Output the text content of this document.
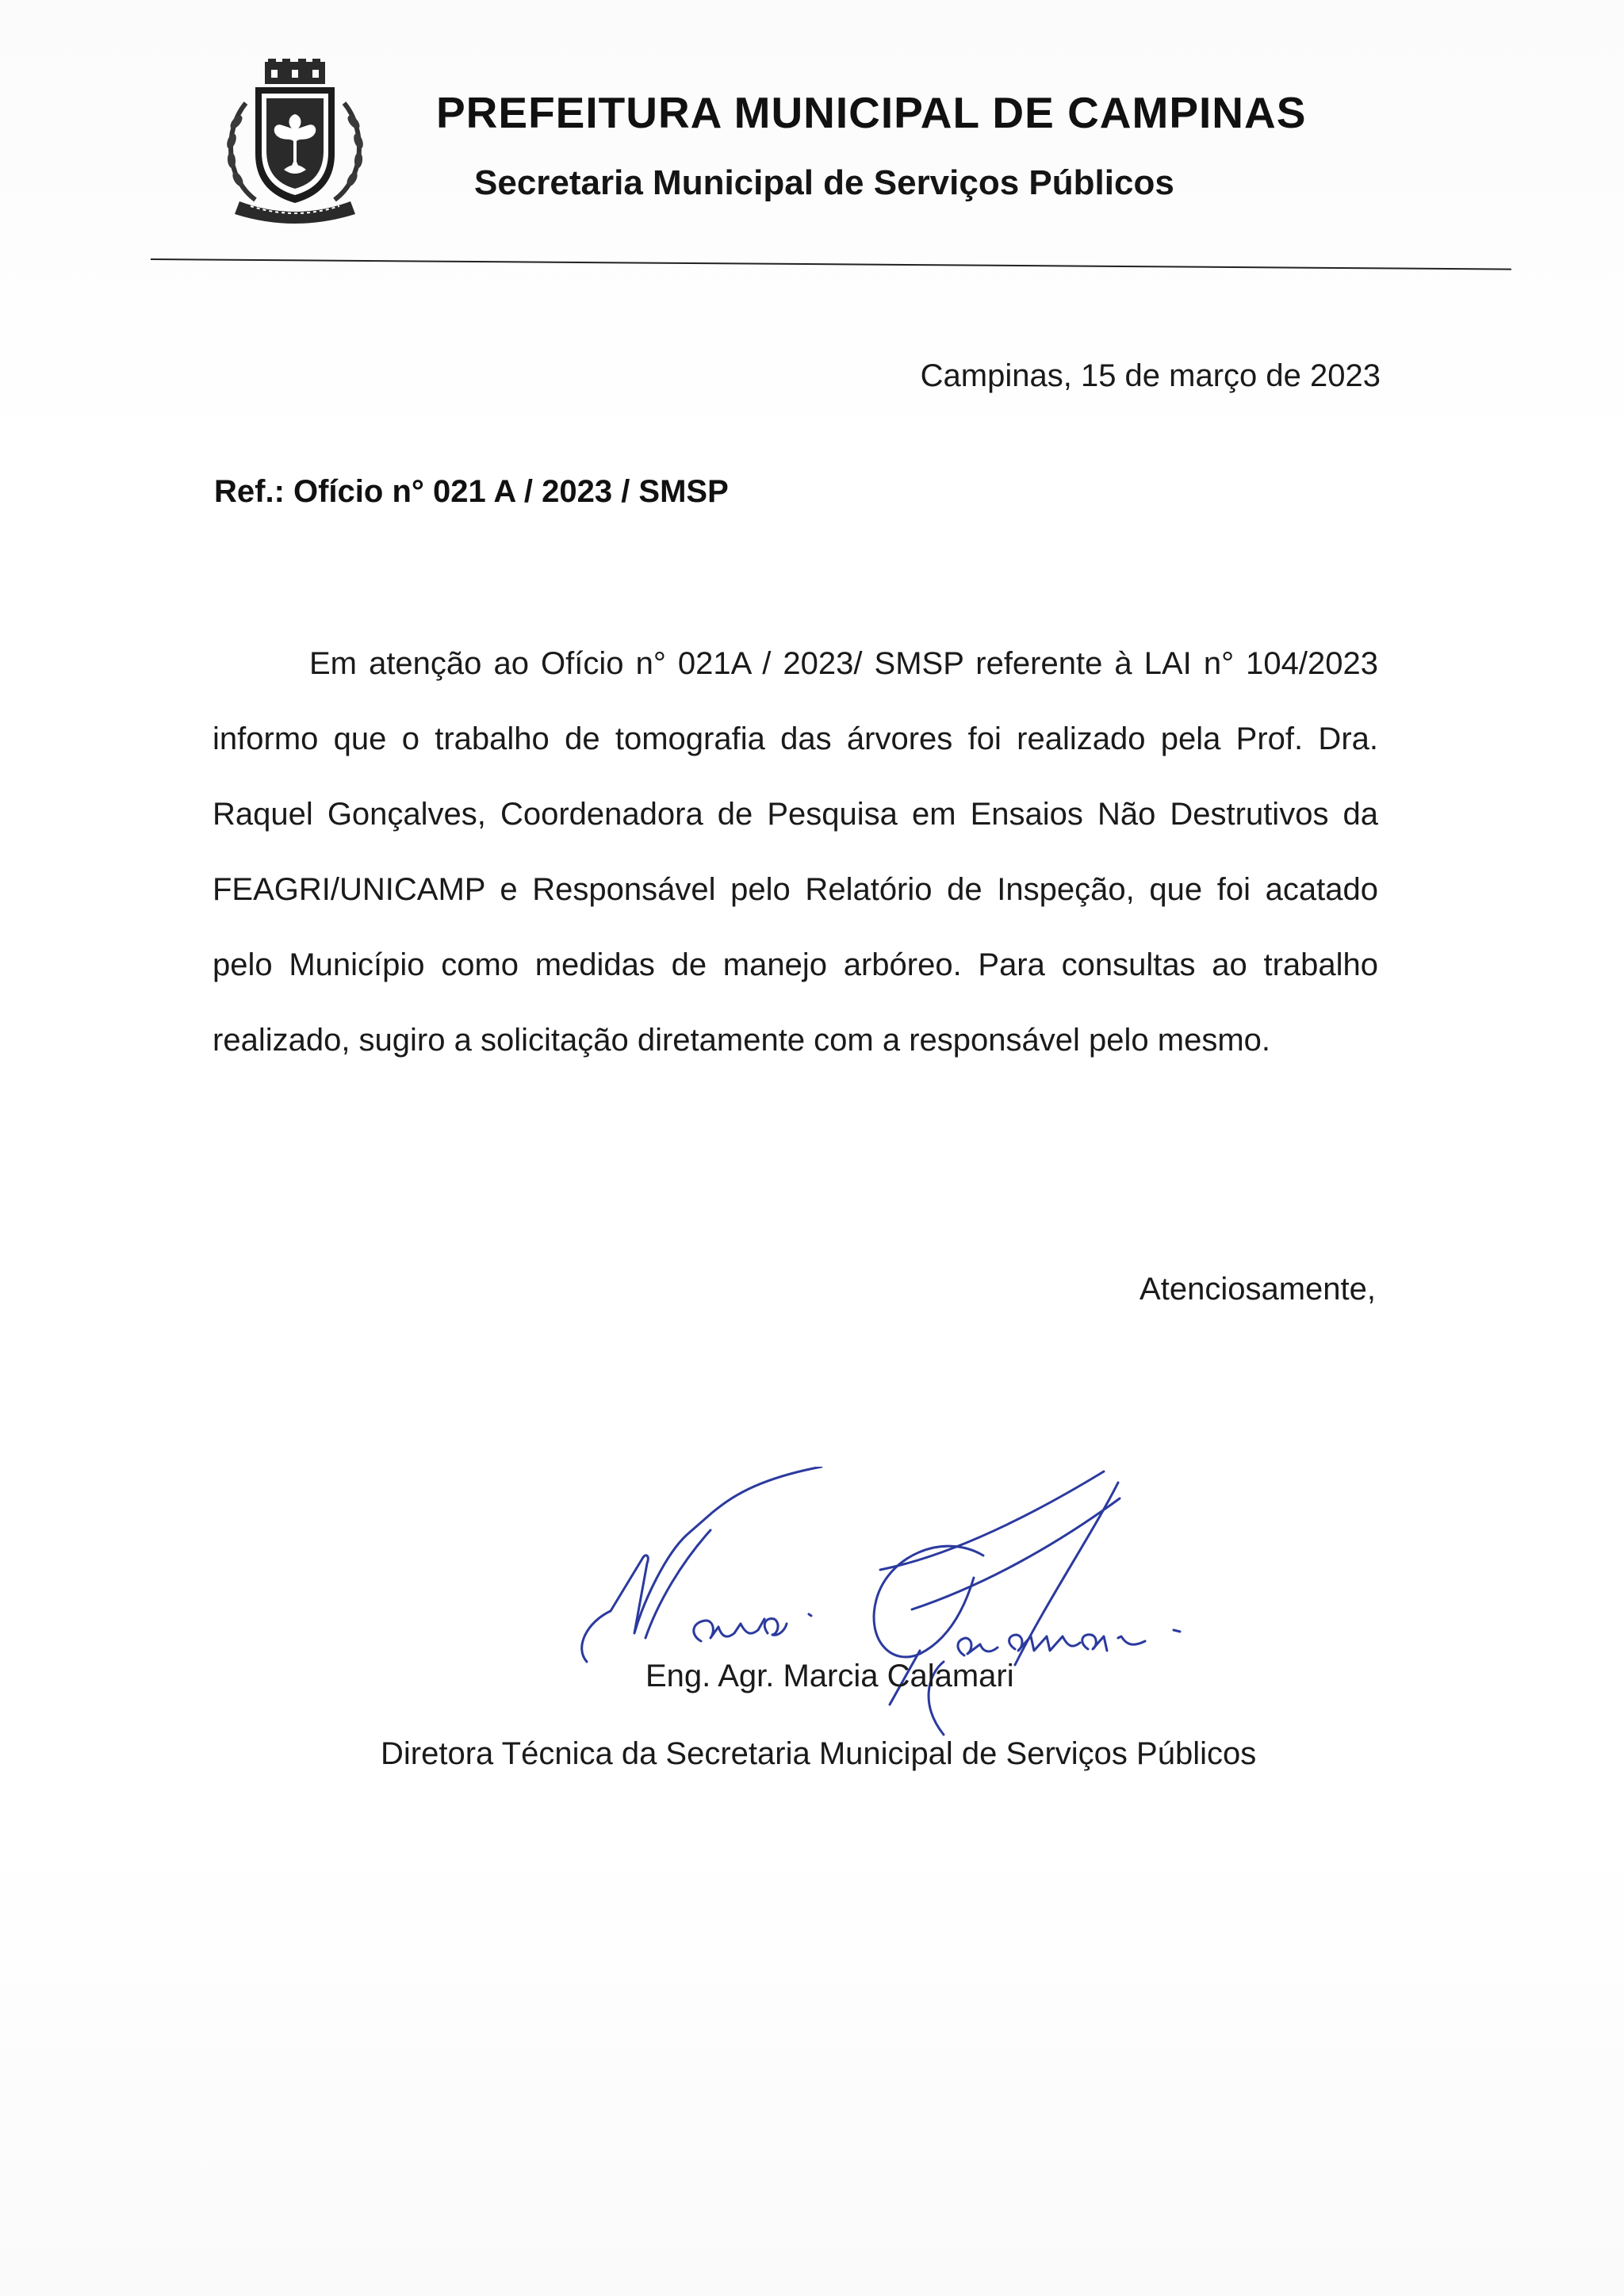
PREFEITURA MUNICIPAL DE CAMPINAS
Secretaria Municipal de Serviços Públicos
Campinas, 15 de março de 2023
Ref.: Ofício n° 021 A / 2023 / SMSP
Em atenção ao Ofício n° 021A / 2023/ SMSP referente à LAI n° 104/2023
informo que o trabalho de tomografia das árvores foi realizado pela Prof. Dra.
Raquel Gonçalves, Coordenadora de Pesquisa em Ensaios Não Destrutivos da
FEAGRI/UNICAMP e Responsável pelo Relatório de Inspeção, que foi acatado
pelo Município como medidas de manejo arbóreo. Para consultas ao trabalho
realizado, sugiro a solicitação diretamente com a responsável pelo mesmo.
Atenciosamente,
Eng. Agr. Marcia Calamari
Diretora Técnica da Secretaria Municipal de Serviços Públicos
